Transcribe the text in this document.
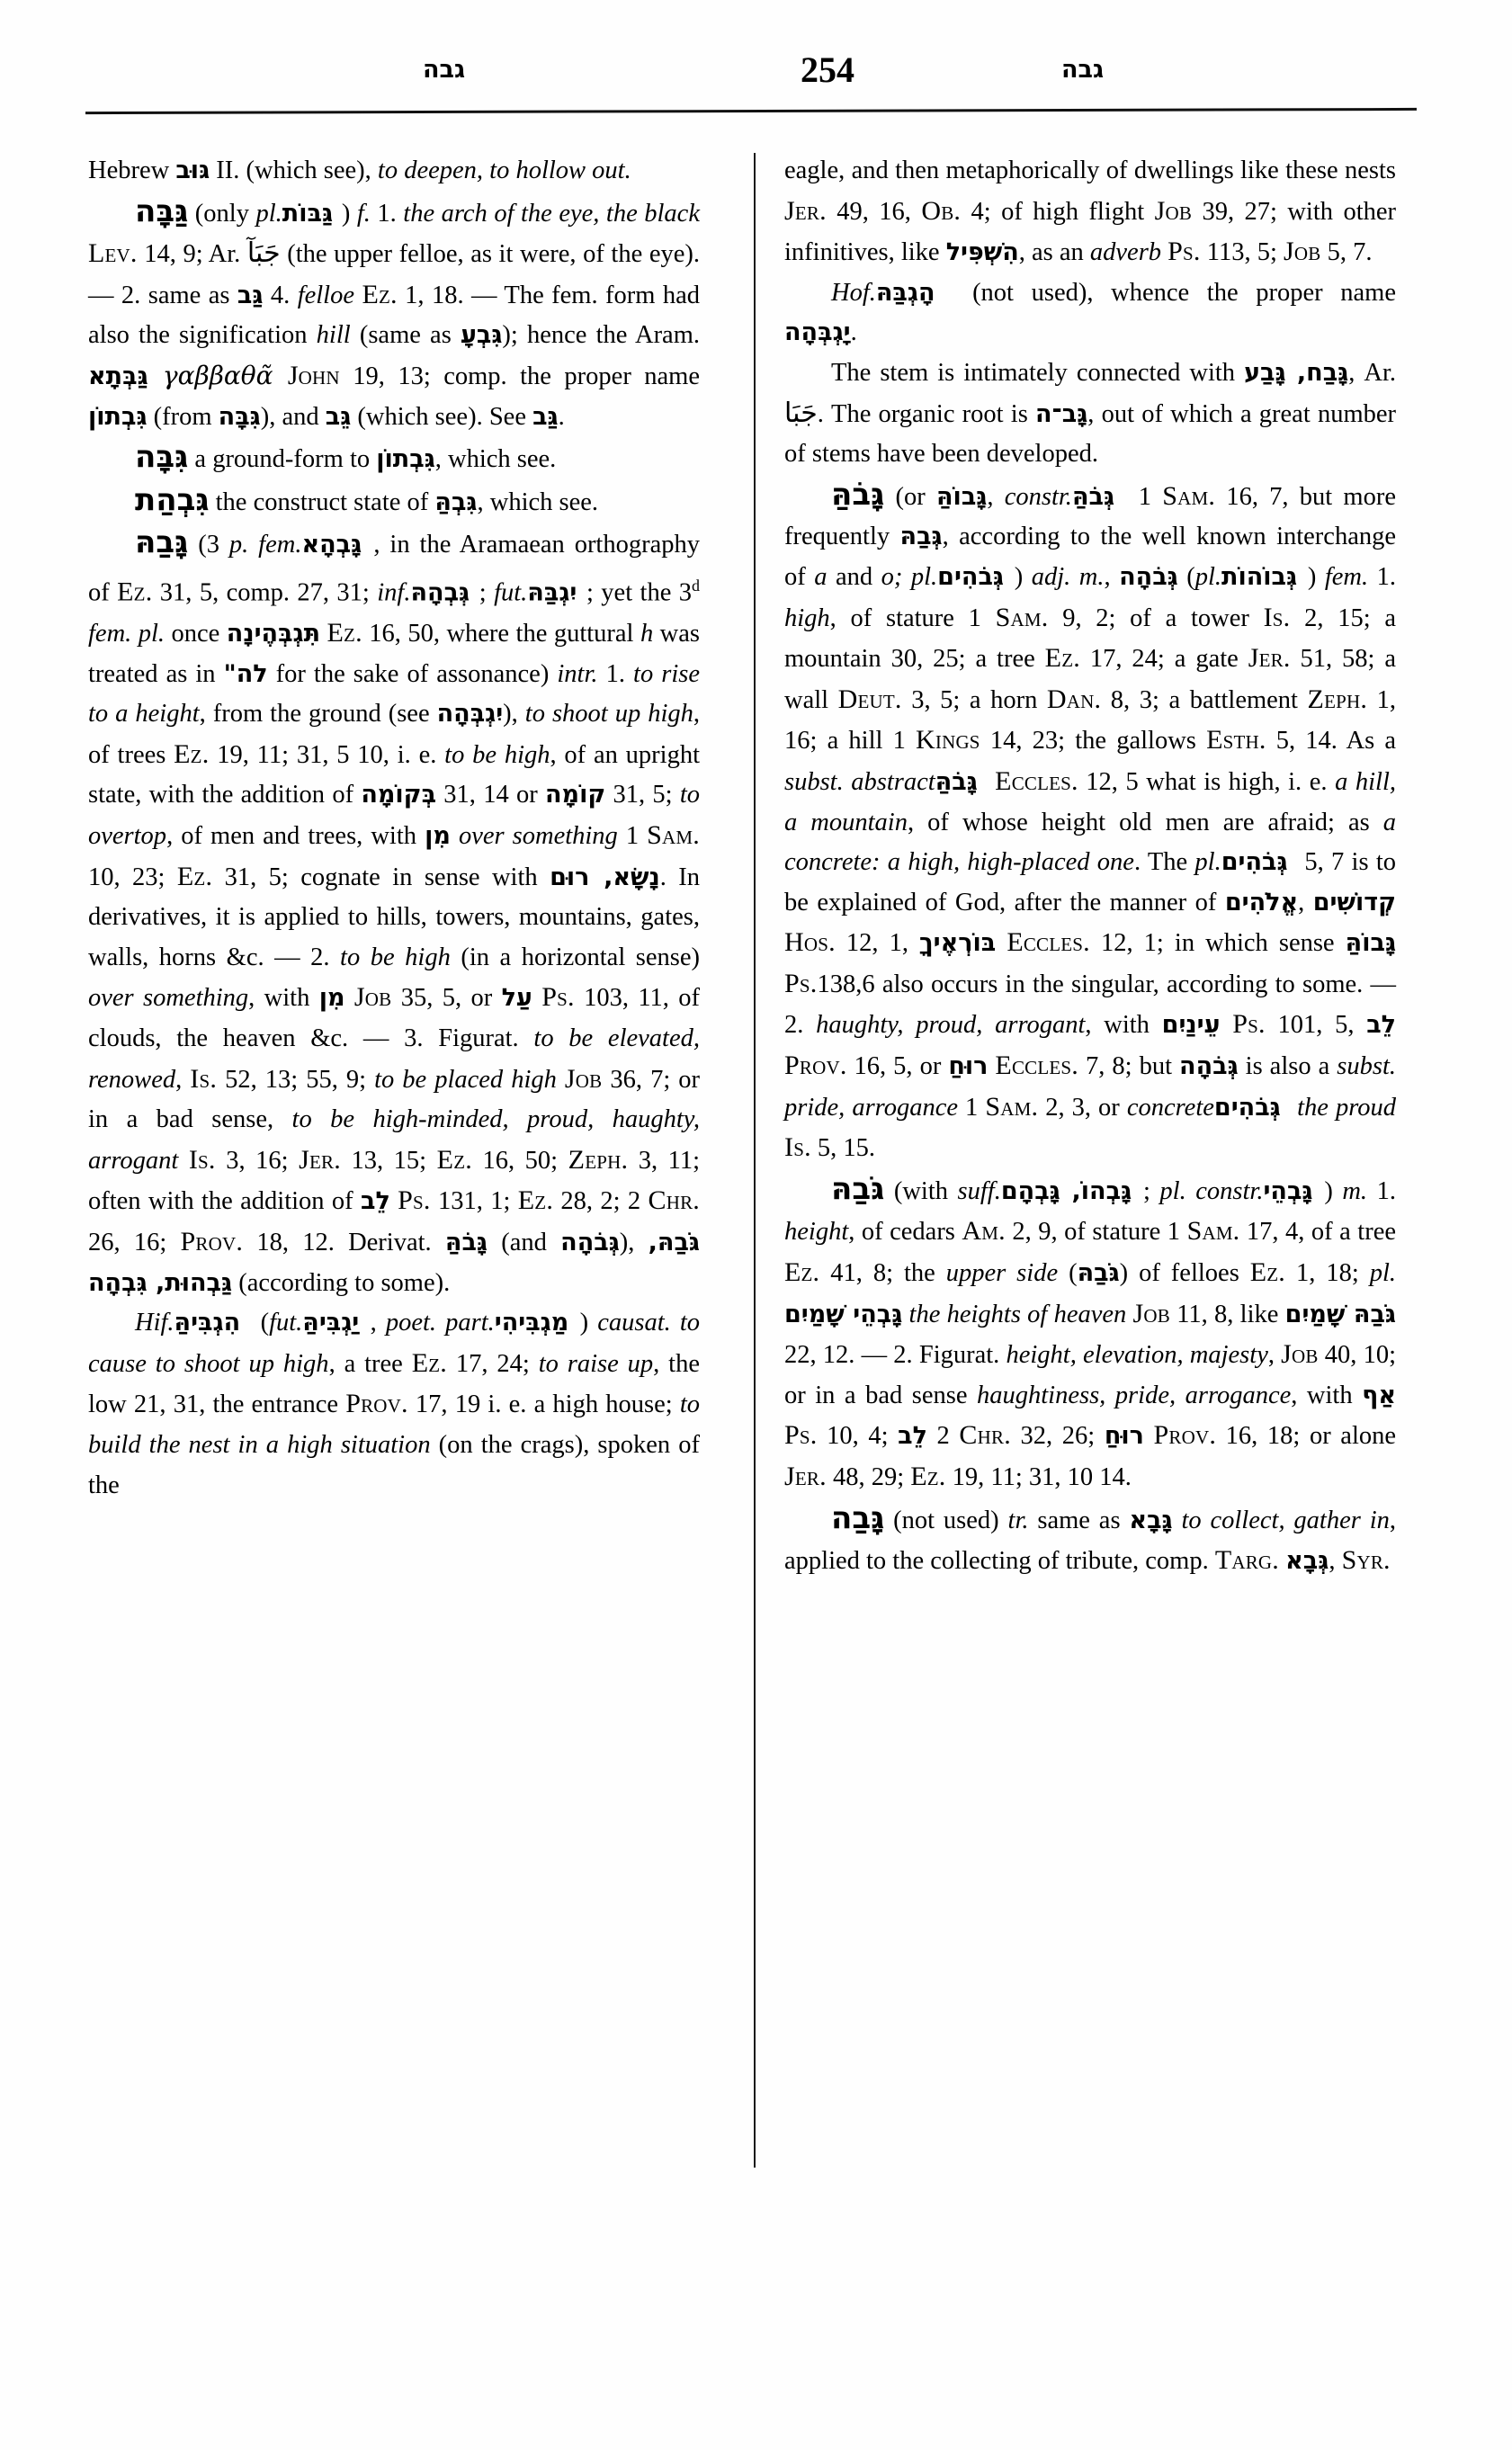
גבה	254	גבה
Hebrew גּוּב II. (which see), to deepen, to hollow out.
גַּבָּה (only pl. גַּבּוֹת) f. 1. the arch of the eye, the black Lev. 14, 9; Ar. جَبَآ (the upper felloe, as it were, of the eye). — 2. same as גַּב 4. felloe Ez. 1, 18. — The fem. form had also the signification hill (same as גִּבְעָ); hence the Aram. גַּבְּתָא γαββαθᾶ John 19, 13; comp. the proper name גִּבְתוֹן (from גִּבָּה), and גֵּב (which see). See גַּב.
גִּבָּה a ground-form to גִּבְתוֹן, which see.
גִּבְהַת the construct state of גִּבְהַּ, which see.
גָּבַהּ (3 p. fem. גָּבְהָא, in the Aramaean orthography of Ez. 31, 5, comp. 27, 31; inf. גְּבְהָהּ; fut. יִגְבַּהּ; yet the 3$^d$ fem. pl. once תִּגְבְּהֶינָה Ez. 16, 50, where the guttural h was treated as in לה" for the sake of assonance) intr. 1. to rise to a height, from the ground (see יִגְבְּהָה), to shoot up high, of trees Ez. 19, 11; 31, 5 10, i. e. to be high, of an upright state, with the addition of בְּקוֹמָה 31, 14 or קוֹמָה 31, 5; to overtop, of men and trees, with מִן over something 1 Sam. 10, 23; Ez. 31, 5; cognate in sense with נָשָׂא, רוּם. In derivatives, it is applied to hills, towers, mountains, gates, walls, horns &c. — 2. to be high (in a horizontal sense) over something, with מִן Job 35, 5, or עַל Ps. 103, 11, of clouds, the heaven &c. — 3. Figurat. to be elevated, renowed, Is. 52, 13; 55, 9; to be placed high Job 36, 7; or in a bad sense, to be high-minded, proud, haughty, arrogant Is. 3, 16; Jer. 13, 15; Ez. 16, 50; Zeph. 3, 11; often with the addition of לֵב Ps. 131, 1; Ez. 28, 2; 2 Chr. 26, 16; Prov. 18, 12. Derivat. גָּבֹהַּ (and גְּבֹהָה), גֹּבַהּ, גַּבְהוּת, גִּבְהָה (according to some).
Hif. הִגְבִּיהַּ (fut. יַגְבִּיהַּ, poet. part. מַגְבִּיהִי) causat. to cause to shoot up high, a tree Ez. 17, 24; to raise up, the low 21, 31, the entrance Prov. 17, 19 i. e. a high house; to build the nest in a high situation (on the crags), spoken of the
eagle, and then metaphorically of dwellings like these nests Jer. 49, 16, Ob. 4; of high flight Job 39, 27; with other infinitives, like הִשְׁפִּיל, as an adverb Ps. 113, 5; Job 5, 7.
Hof. הָגְבַּהּ (not used), whence the proper name יָגְבְּהָה.
The stem is intimately connected with גָּבַח, גָּבַע, Ar. جَبَا. The organic root is גָּב־ה, out of which a great number of stems have been developed.
גָּבֹהַּ (or גָּבוֹהַּ, constr. גְּבֹהַּ 1 Sam. 16, 7, but more frequently גְּבַהּ, according to the well known interchange of a and o; pl. גְּבֹהִים) adj. m., גְּבֹהָה (pl. גְּבוֹהוֹת) fem. 1. high, of stature 1 Sam. 9, 2; of a tower Is. 2, 15; a mountain 30, 25; a tree Ez. 17, 24; a gate Jer. 51, 58; a wall Deut. 3, 5; a horn Dan. 8, 3; a battlement Zeph. 1, 16; a hill 1 Kings 14, 23; the gallows Esth. 5, 14. As a subst. abstract גָּבֹהַּ Eccles. 12, 5 what is high, i. e. a hill, a mountain, of whose height old men are afraid; as a concrete: a high, high-placed one. The pl. גְּבֹהִים 5, 7 is to be explained of God, after the manner of אֱלֹהִים, קְדוֹשִׁים Hos. 12, 1, בּוֹרְאֶיךָ Eccles. 12, 1; in which sense גָּבוֹהַּ Ps.138,6 also occurs in the singular, according to some. — 2. haughty, proud, arrogant, with עֵינַיִם Ps. 101, 5, לֵב Prov. 16, 5, or רוּחַ Eccles. 7, 8; but גְּבֹהָה is also a subst. pride, arrogance 1 Sam. 2, 3, or concrete גְּבֹהִים the proud Is. 5, 15.
גֹּבַהּ (with suff. גָּבְהוֹ, גָּבְהָם; pl. constr. גָּבְהֵי) m. 1. height, of cedars Am. 2, 9, of stature 1 Sam. 17, 4, of a tree Ez. 41, 8; the upper side (גֹּבַהּ) of felloes Ez. 1, 18; pl. גָּבְהֵי שָׁמַיִם the heights of heaven Job 11, 8, like גֹּבַהּ שָׁמַיִם 22, 12. — 2. Figurat. height, elevation, majesty, Job 40, 10; or in a bad sense haughtiness, pride, arrogance, with אַף Ps. 10, 4; לֵב 2 Chr. 32, 26; רוּחַ Prov. 16, 18; or alone Jer. 48, 29; Ez. 19, 11; 31, 10 14.
גָּבַה (not used) tr. same as גָּבָא to collect, gather in, applied to the collecting of tribute, comp. Targ. גְּבָא, Syr.
